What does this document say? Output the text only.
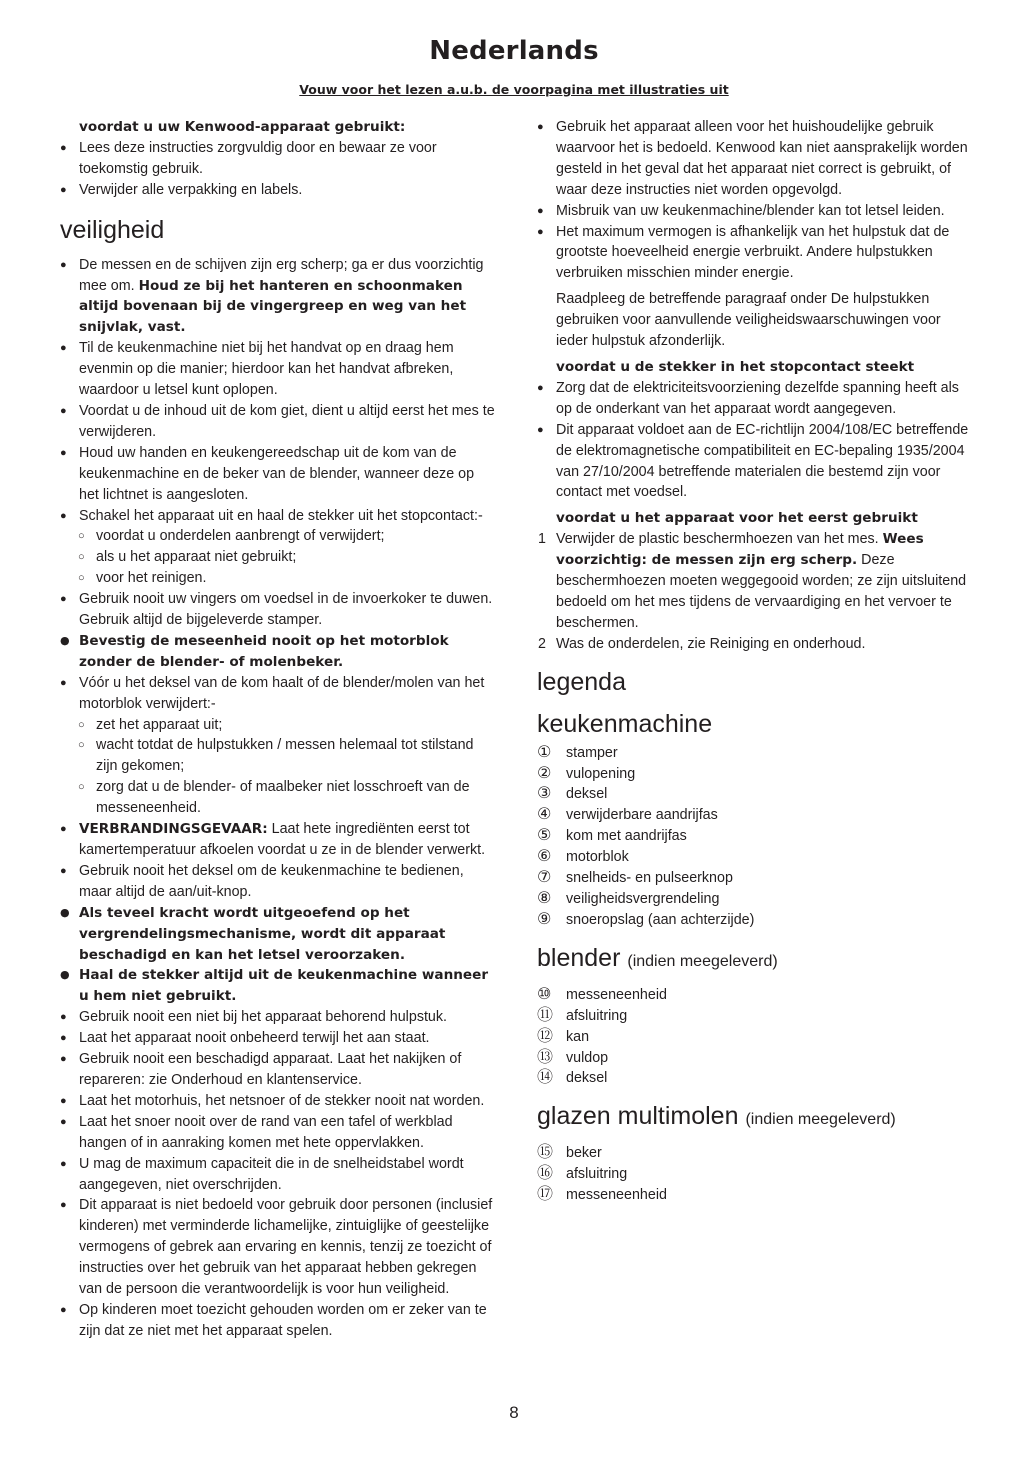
Nederlands
Vouw voor het lezen a.u.b. de voorpagina met illustraties uit

voordat u uw Kenwood-apparaat gebruikt:

● Lees deze instructies zorgvuldig door en bewaar ze voor toekomstig gebruik.

● Verwijder alle verpakking en labels.

veiligheid

● De messen en de schijven zijn erg scherp; ga er dus voorzichtig mee om. Houd ze bij het hanteren en schoonmaken altijd bovenaan bij de vingergreep en weg van het snijvlak, vast.

● Til de keukenmachine niet bij het handvat op en draag hem evenmin op die manier; hierdoor kan het handvat afbreken, waardoor u letsel kunt oplopen.

● Voordat u de inhoud uit de kom giet, dient u altijd eerst het mes te verwijderen.

● Houd uw handen en keukengereedschap uit de kom van de keukenmachine en de beker van de blender, wanneer deze op het lichtnet is aangesloten.

● Schakel het apparaat uit en haal de stekker uit het stopcontact:-

○ voordat u onderdelen aanbrengt of verwijdert;

○ als u het apparaat niet gebruikt;

○ voor het reinigen.

● Gebruik nooit uw vingers om voedsel in de invoerkoker te duwen. Gebruik altijd de bijgeleverde stamper.

● Bevestig de meseenheid nooit op het motorblok zonder de blender- of molenbeker.

● Vóór u het deksel van de kom haalt of de blender/molen van het motorblok verwijdert:-

○ zet het apparaat uit;

○ wacht totdat de hulpstukken / messen helemaal tot stilstand zijn gekomen;

○ zorg dat u de blender- of maalbeker niet losschroeft van de messeneenheid.

● VERBRANDINGSGEVAAR: Laat hete ingrediënten eerst tot kamertemperatuur afkoelen voordat u ze in de blender verwerkt.

● Gebruik nooit het deksel om de keukenmachine te bedienen, maar altijd de aan/uit-knop.

● Als teveel kracht wordt uitgeoefend op het vergrendelingsmechanisme, wordt dit apparaat beschadigd en kan het letsel veroorzaken.

● Haal de stekker altijd uit de keukenmachine wanneer u hem niet gebruikt.

● Gebruik nooit een niet bij het apparaat behorend hulpstuk.

● Laat het apparaat nooit onbeheerd terwijl het aan staat.

● Gebruik nooit een beschadigd apparaat. Laat het nakijken of repareren: zie Onderhoud en klantenservice.

● Laat het motorhuis, het netsnoer of de stekker nooit nat worden.

● Laat het snoer nooit over de rand van een tafel of werkblad hangen of in aanraking komen met hete oppervlakken.

● U mag de maximum capaciteit die in de snelheidstabel wordt aangegeven, niet overschrijden.

● Dit apparaat is niet bedoeld voor gebruik door personen (inclusief kinderen) met verminderde lichamelijke, zintuiglijke of geestelijke vermogens of gebrek aan ervaring en kennis, tenzij ze toezicht of instructies over het gebruik van het apparaat hebben gekregen van de persoon die verantwoordelijk is voor hun veiligheid.

● Op kinderen moet toezicht gehouden worden om er zeker van te zijn dat ze niet met het apparaat spelen.

● Gebruik het apparaat alleen voor het huishoudelijke gebruik waarvoor het is bedoeld. Kenwood kan niet aansprakelijk worden gesteld in het geval dat het apparaat niet correct is gebruikt, of waar deze instructies niet worden opgevolgd.

● Misbruik van uw keukenmachine/blender kan tot letsel leiden.

● Het maximum vermogen is afhankelijk van het hulpstuk dat de grootste hoeveelheid energie verbruikt. Andere hulpstukken verbruiken misschien minder energie.

Raadpleeg de betreffende paragraaf onder De hulpstukken gebruiken voor aanvullende veiligheidswaarschuwingen voor ieder hulpstuk afzonderlijk.

voordat u de stekker in het stopcontact steekt

● Zorg dat de elektriciteitsvoorziening dezelfde spanning heeft als op de onderkant van het apparaat wordt aangegeven.

● Dit apparaat voldoet aan de EC-richtlijn 2004/108/EC betreffende de elektromagnetische compatibiliteit en EC-bepaling 1935/2004 van 27/10/2004 betreffende materialen die bestemd zijn voor contact met voedsel.

voordat u het apparaat voor het eerst gebruikt

1 Verwijder de plastic beschermhoezen van het mes. Wees voorzichtig: de messen zijn erg scherp. Deze beschermhoezen moeten weggegooid worden; ze zijn uitsluitend bedoeld om het mes tijdens de vervaardiging en het vervoer te beschermen.

2 Was de onderdelen, zie Reiniging en onderhoud.

legenda

keukenmachine

① stamper

② vulopening

③ deksel

④ verwijderbare aandrijfas

⑤ kom met aandrijfas

⑥ motorblok

⑦ snelheids- en pulseerknop

⑧ veiligheidsvergrendeling

⑨ snoeropslag (aan achterzijde)

blender (indien meegeleverd)

⑩ messeneenheid

⑪ afsluitring

⑫ kan

⑬ vuldop

⑭ deksel

glazen multimolen (indien meegeleverd)

⑮ beker

⑯ afsluitring

⑰ messeneenheid

8
